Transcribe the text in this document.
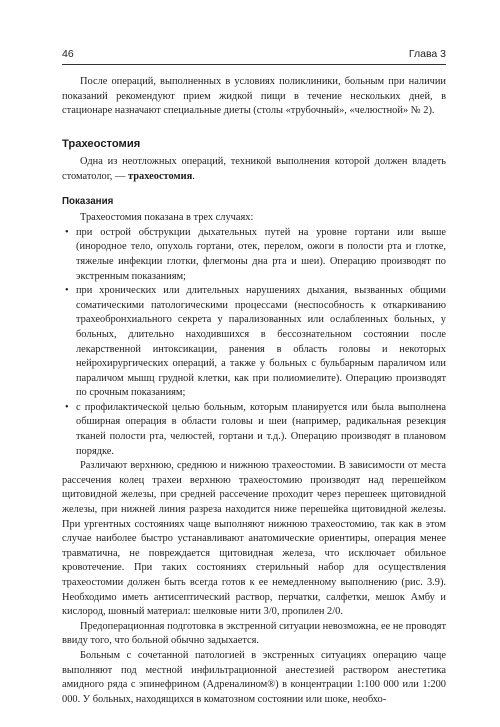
46	Глава 3

После операций, выполненных в условиях поликлиники, больным при наличии показаний рекомендуют прием жидкой пищи в течение нескольких дней, в стационаре назначают специальные диеты (столы «трубочный», «челюстной» № 2).

Трахеостомия

Одна из неотложных операций, техникой выполнения которой должен владеть стоматолог, — трахеостомия.

Показания

Трахеостомия показана в трех случаях:

• при острой обструкции дыхательных путей на уровне гортани или выше (инородное тело, опухоль гортани, отек, перелом, ожоги в полости рта и глотке, тяжелые инфекции глотки, флегмоны дна рта и шеи). Операцию производят по экстренным показаниям;
• при хронических или длительных нарушениях дыхания, вызванных общими соматическими патологическими процессами (неспособность к откаркиванию трахеобронхиального секрета у парализованных или ослабленных больных, у больных, длительно находившихся в бессознательном состоянии после лекарственной интоксикации, ранения в область головы и некоторых нейрохирургических операций, а также у больных с бульбарным параличом или параличом мышц грудной клетки, как при полиомиелите). Операцию производят по срочным показаниям;
• с профилактической целью больным, которым планируется или была выполнена обширная операция в области головы и шеи (например, радикальная резекция тканей полости рта, челюстей, гортани и т.д.). Операцию производят в плановом порядке.

Различают верхнюю, среднюю и нижнюю трахеостомии. В зависимости от места рассечения колец трахеи верхнюю трахеостомию производят над перешейком щитовидной железы, при средней рассечение проходит через перешеек щитовидной железы, при нижней линия разреза находится ниже перешейка щитовидной железы. При ургентных состояниях чаще выполняют нижнюю трахеостомию, так как в этом случае наиболее быстро устанавливают анатомические ориентиры, операция менее травматична, не повреждается щитовидная железа, что исключает обильное кровотечение. При таких состояниях стерильный набор для осуществления трахеостомии должен быть всегда готов к ее немедленному выполнению (рис. 3.9). Необходимо иметь антисептический раствор, перчатки, салфетки, мешок Амбу и кислород, шовный материал: шелковые нити 3/0, пропилен 2/0.

Предоперационная подготовка в экстренной ситуации невозможна, ее не проводят ввиду того, что больной обычно задыхается.

Больным с сочетанной патологией в экстренных ситуациях операцию чаще выполняют под местной инфильтрационной анестезией раствором анестетика амидного ряда с эпинефрином (Адреналином®) в концентрации 1:100 000 или 1:200 000. У больных, находящихся в коматозном состоянии или шоке, необхо-
